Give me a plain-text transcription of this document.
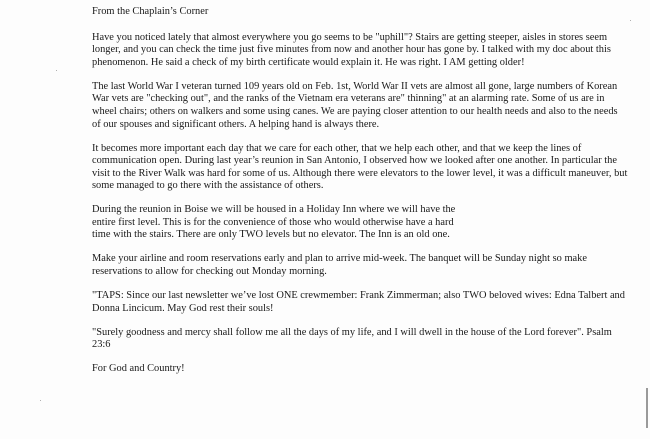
From the Chaplain’s Corner

Have you noticed lately that almost everywhere you go seems to be "uphill"? Stairs are getting steeper, aisles in stores seem longer, and you can check the time just five minutes from now and another hour has gone by. I talked with my doc about this phenomenon. He said a check of my birth certificate would explain it. He was right. I AM getting older!

The last World War I veteran turned 109 years old on Feb. 1st, World War II vets are almost all gone, large numbers of Korean War vets are "checking out", and the ranks of the Vietnam era veterans are" thinning" at an alarming rate. Some of us are in wheel chairs; others on walkers and some using canes. We are paying closer attention to our health needs and also to the needs of our spouses and significant others. A helping hand is always there.

It becomes more important each day that we care for each other, that we help each other, and that we keep the lines of communication open. During last year’s reunion in San Antonio, I observed how we looked after one another. In particular the visit to the River Walk was hard for some of us. Although there were elevators to the lower level, it was a difficult maneuver, but some managed to go there with the assistance of others.

During the reunion in Boise we will be housed in a Holiday Inn where we will have the
entire first level. This is for the convenience of those who would otherwise have a hard
time with the stairs. There are only TWO levels but no elevator. The Inn is an old one.

Make your airline and room reservations early and plan to arrive mid-week. The banquet will be Sunday night so make reservations to allow for checking out Monday morning.

"TAPS: Since our last newsletter we’ve lost ONE crewmember: Frank Zimmerman; also TWO beloved wives: Edna Talbert and Donna Lincicum. May God rest their souls!

"Surely goodness and mercy shall follow me all the days of my life, and I will dwell in the house of the Lord forever". Psalm 23:6

For God and Country!
